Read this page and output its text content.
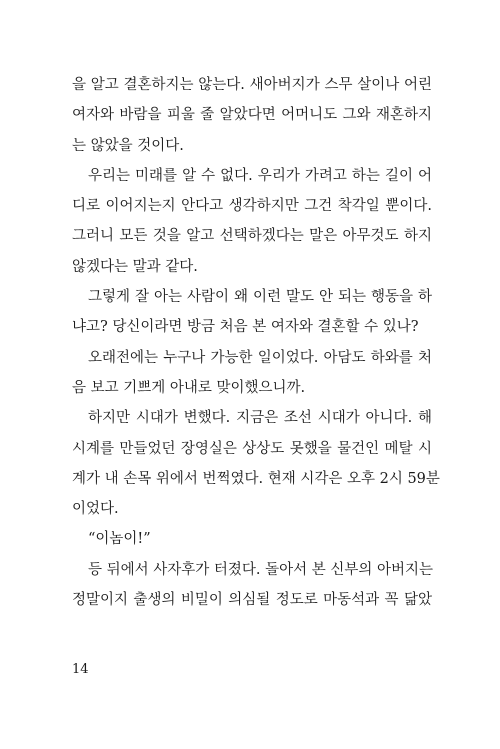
을 알고 결혼하지는 않는다. 새아버지가 스무 살이나 어린
여자와 바람을 피울 줄 알았다면 어머니도 그와 재혼하지
는 않았을 것이다.
우리는 미래를 알 수 없다. 우리가 가려고 하는 길이 어
디로 이어지는지 안다고 생각하지만 그건 착각일 뿐이다.
그러니 모든 것을 알고 선택하겠다는 말은 아무것도 하지
않겠다는 말과 같다.
그렇게 잘 아는 사람이 왜 이런 말도 안 되는 행동을 하
냐고? 당신이라면 방금 처음 본 여자와 결혼할 수 있나?
오래전에는 누구나 가능한 일이었다. 아담도 하와를 처
음 보고 기쁘게 아내로 맞이했으니까.
하지만 시대가 변했다. 지금은 조선 시대가 아니다. 해
시계를 만들었던 장영실은 상상도 못했을 물건인 메탈 시
계가 내 손목 위에서 번쩍였다. 현재 시각은 오후 2시 59분
이었다.
“이놈이!”
등 뒤에서 사자후가 터졌다. 돌아서 본 신부의 아버지는
정말이지 출생의 비밀이 의심될 정도로 마동석과 꼭 닮았
14
